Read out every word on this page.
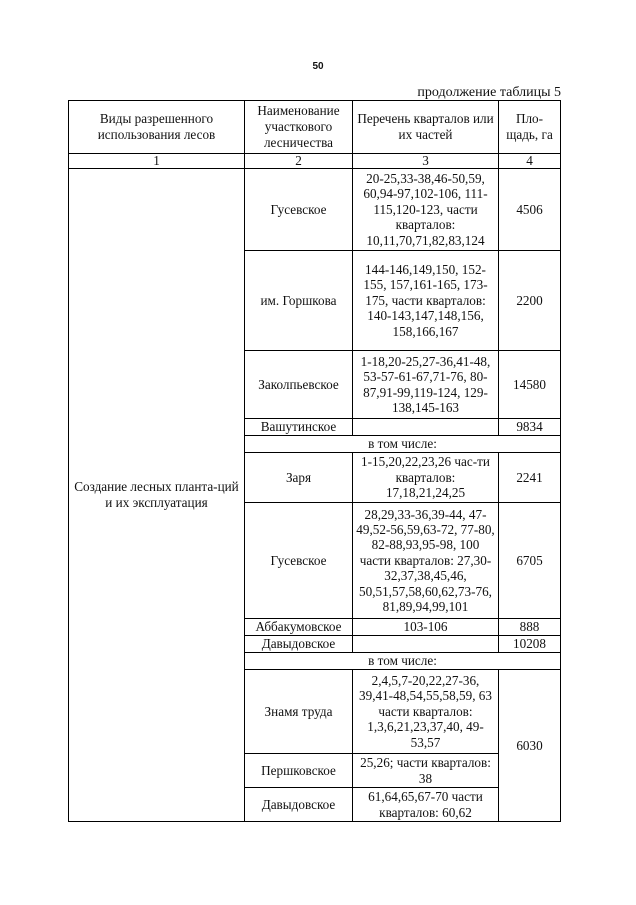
50
продолжение таблицы 5
Виды разрешенного использования лесов	Наименование участкового лесничества	Перечень кварталов или их частей	Пло-щадь, га
1	2	3	4
Создание лесных планта-ций и их эксплуатация	Гусевское	20-25,33-38,46-50,59, 60,94-97,102-106, 111-115,120-123, части кварталов: 10,11,70,71,82,83,124	4506
	им. Горшкова	144-146,149,150, 152-155, 157,161-165, 173-175, части кварталов: 140-143,147,148,156, 158,166,167	2200
	Заколпьевское	1-18,20-25,27-36,41-48, 53-57-61-67,71-76, 80-87,91-99,119-124, 129-138,145-163	14580
	Вашутинское		9834
	в том числе:		
	Заря	1-15,20,22,23,26 час-ти кварталов: 17,18,21,24,25	2241
	Гусевское	28,29,33-36,39-44, 47-49,52-56,59,63-72, 77-80, 82-88,93,95-98, 100 части кварталов: 27,30-32,37,38,45,46, 50,51,57,58,60,62,73-76, 81,89,94,99,101	6705
	Аббакумовское	103-106	888
	Давыдовское		10208
	в том числе:		
	Знамя труда	2,4,5,7-20,22,27-36, 39,41-48,54,55,58,59, 63 части кварталов: 1,3,6,21,23,37,40, 49-53,57	6030
	Першковское	25,26; части кварталов: 38	
	Давыдовское	61,64,65,67-70 части кварталов: 60,62	
